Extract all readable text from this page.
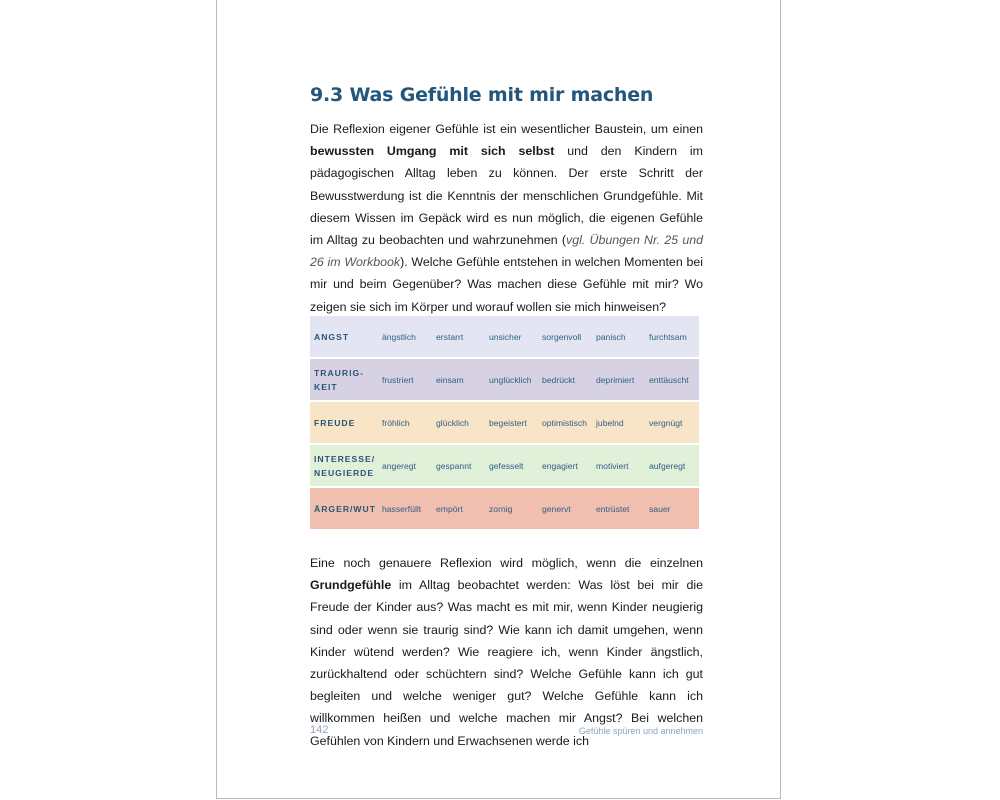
9.3 Was Gefühle mit mir machen

Die Reflexion eigener Gefühle ist ein wesentlicher Baustein, um einen bewussten Umgang mit sich selbst und den Kindern im pädagogischen Alltag leben zu können. Der erste Schritt der Bewusstwerdung ist die Kenntnis der menschlichen Grundgefühle. Mit diesem Wissen im Gepäck wird es nun möglich, die eigenen Gefühle im Alltag zu beobachten und wahrzunehmen (vgl. Übungen Nr. 25 und 26 im Workbook). Welche Gefühle entstehen in welchen Momenten bei mir und beim Gegenüber? Was machen diese Gefühle mit mir? Wo zeigen sie sich im Körper und worauf wollen sie mich hinweisen?

ANGST	ängstlich	erstarrt	unsicher	sorgenvoll	panisch	furchtsam
TRAURIG-KEIT	frustriert	einsam	unglücklich	bedrückt	deprimiert	enttäuscht
FREUDE	fröhlich	glücklich	begeistert	optimistisch	jubelnd	vergnügt
INTERESSE/ NEUGIERDE	angeregt	gespannt	gefesselt	engagiert	motiviert	aufgeregt
ÄRGER/WUT	hasserfüllt	empört	zornig	genervt	entrüstet	sauer

Eine noch genauere Reflexion wird möglich, wenn die einzelnen Grundgefühle im Alltag beobachtet werden: Was löst bei mir die Freude der Kinder aus? Was macht es mit mir, wenn Kinder neugierig sind oder wenn sie traurig sind? Wie kann ich damit umgehen, wenn Kinder wütend werden? Wie reagiere ich, wenn Kinder ängstlich, zurückhaltend oder schüchtern sind? Welche Gefühle kann ich gut begleiten und welche weniger gut? Welche Gefühle kann ich willkommen heißen und welche machen mir Angst? Bei welchen Gefühlen von Kindern und Erwachsenen werde ich

142	Gefühle spüren und annehmen
